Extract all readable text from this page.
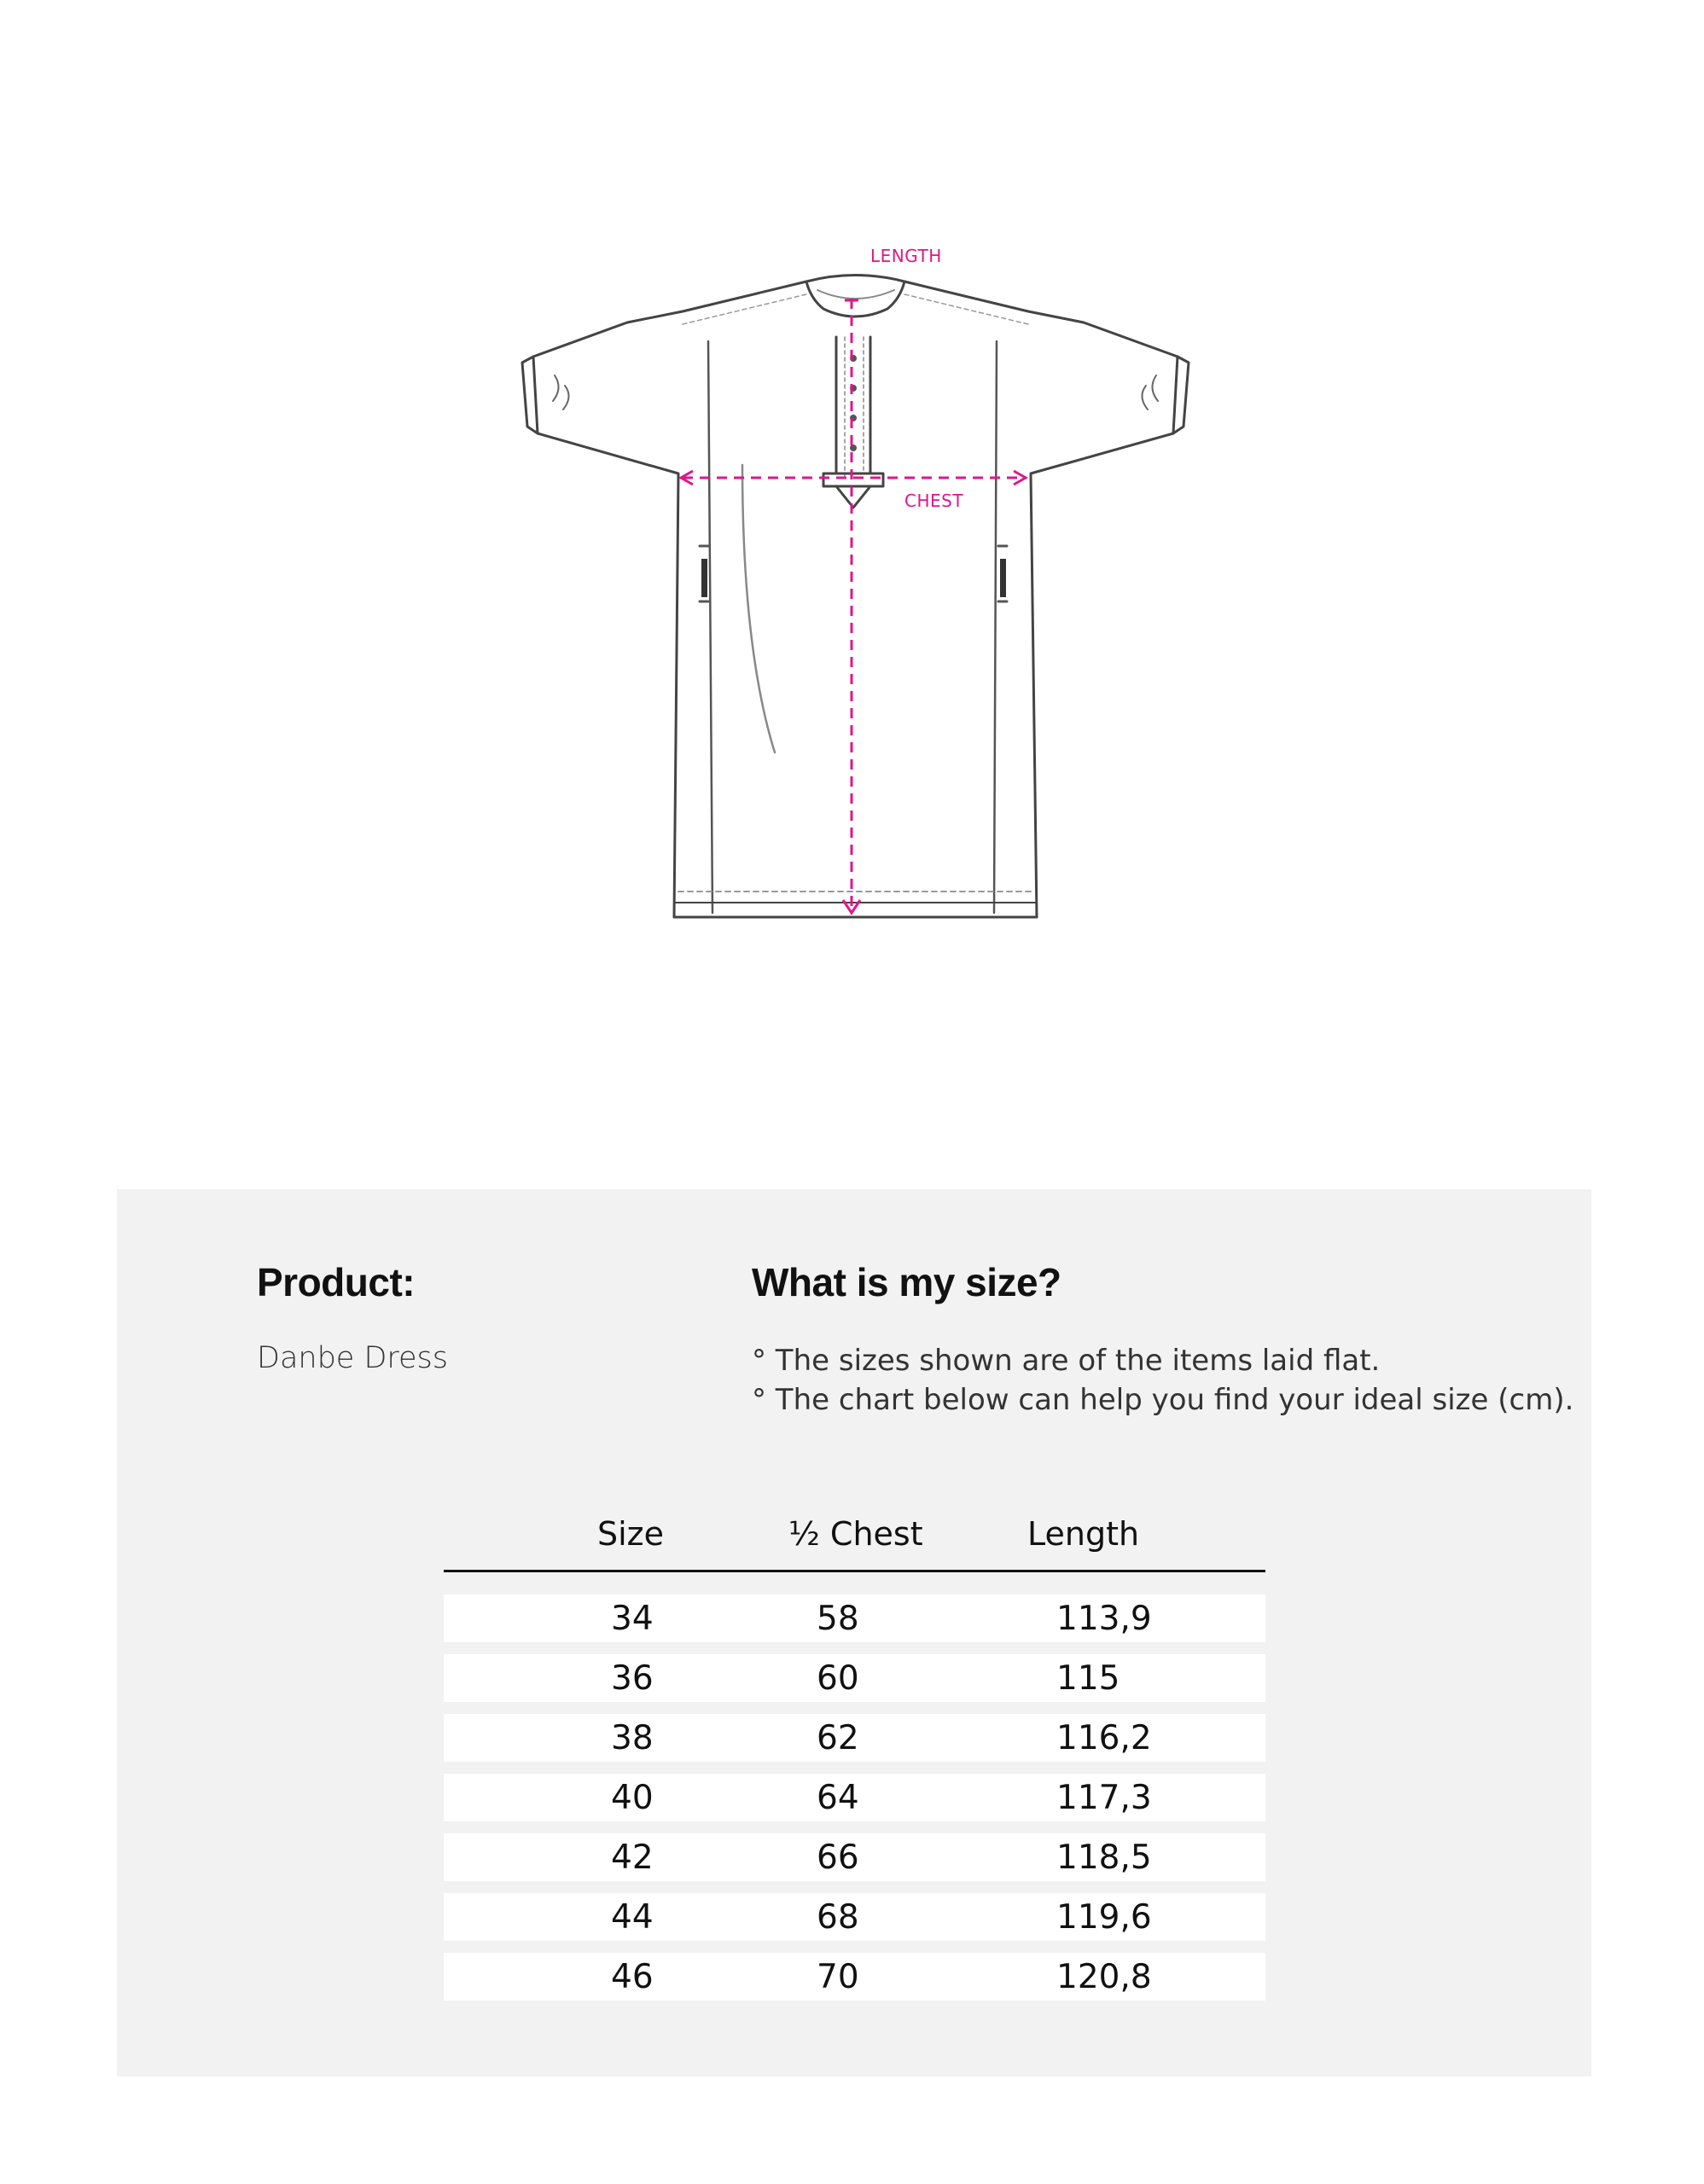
LENGTH
CHEST
Product:
Danbe Dress
What is my size?
° The sizes shown are of the items laid flat.
° The chart below can help you find your ideal size (cm).
Size	½ Chest	Length
34	58	113,9
36	60	115
38	62	116,2
40	64	117,3
42	66	118,5
44	68	119,6
46	70	120,8
